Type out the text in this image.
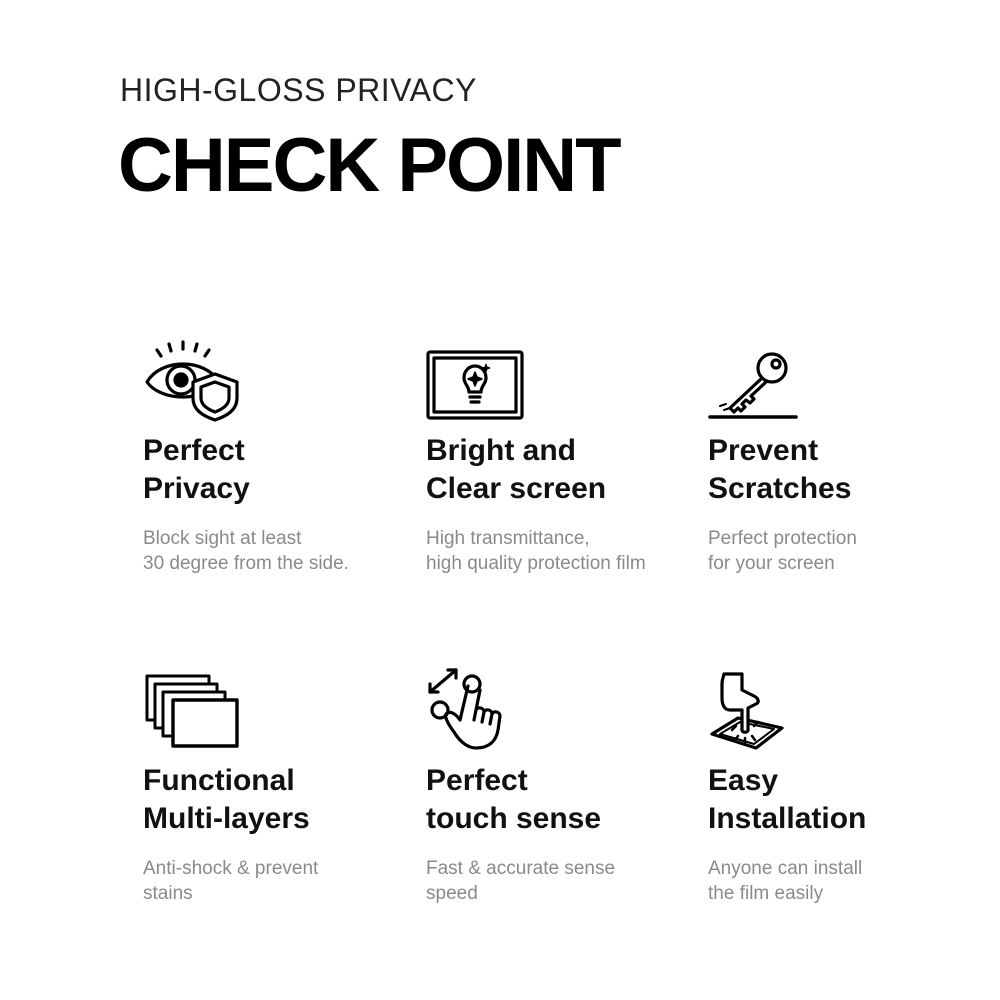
HIGH-GLOSS PRIVACY
CHECK POINT
Perfect
Privacy
Block sight at least
30 degree from the side.
Bright and
Clear screen
High transmittance,
high quality protection film
Prevent
Scratches
Perfect protection
for your screen
Functional
Multi-layers
Anti-shock & prevent
stains
Perfect
touch sense
Fast & accurate sense
speed
Easy
Installation
Anyone can install
the film easily
